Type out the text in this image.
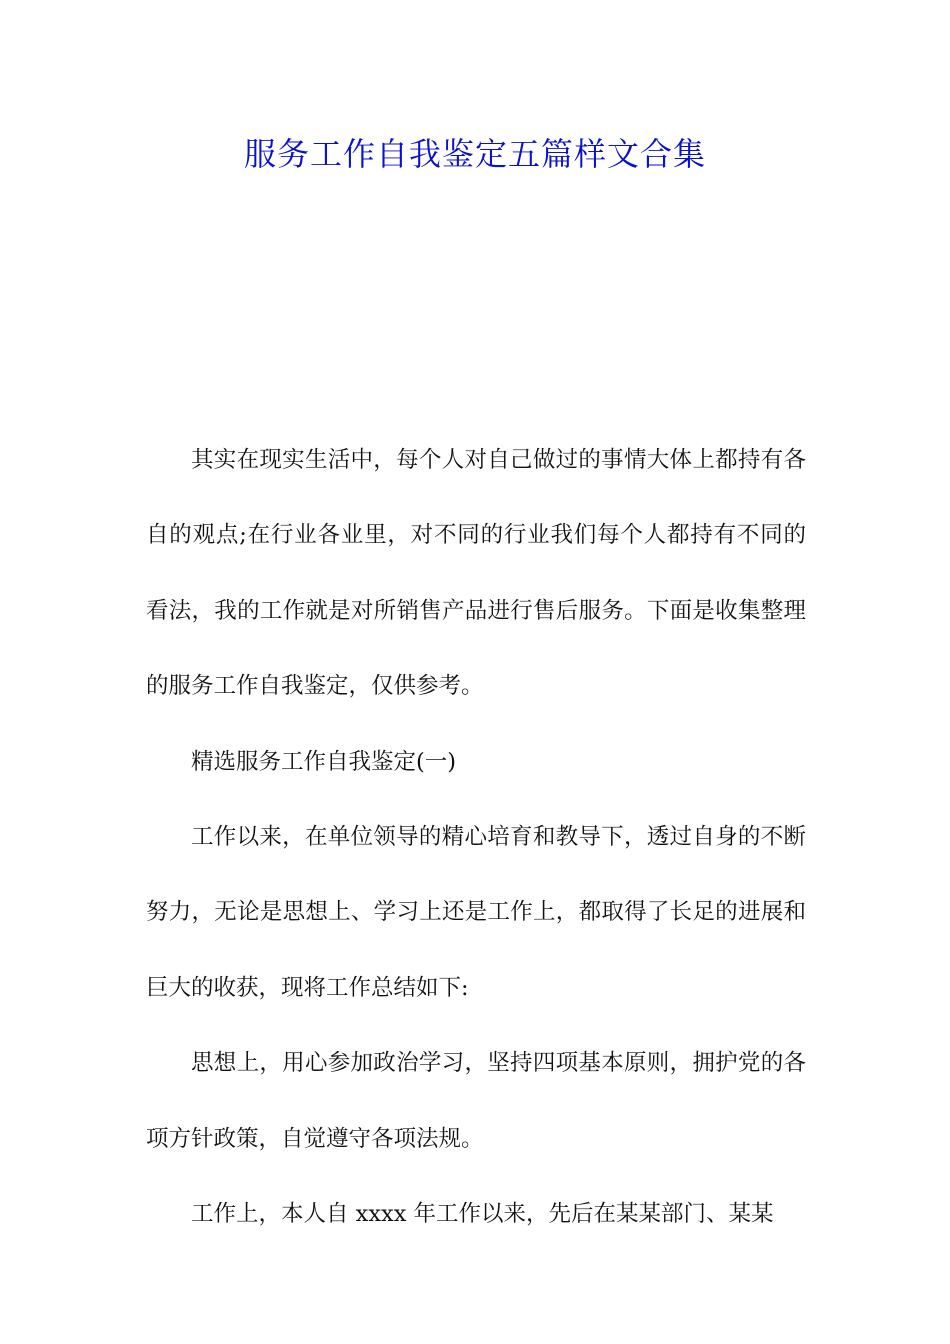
服务工作自我鉴定五篇样文合集

其实在现实生活中，每个人对自己做过的事情大体上都持有各自的观点;在行业各业里，对不同的行业我们每个人都持有不同的看法，我的工作就是对所销售产品进行售后服务。下面是收集整理的服务工作自我鉴定，仅供参考。

精选服务工作自我鉴定(一)

工作以来，在单位领导的精心培育和教导下，透过自身的不断努力，无论是思想上、学习上还是工作上，都取得了长足的进展和巨大的收获，现将工作总结如下:

思想上，用心参加政治学习，坚持四项基本原则，拥护党的各项方针政策，自觉遵守各项法规。

工作上，本人自 xxxx 年工作以来，先后在某某部门、某某
